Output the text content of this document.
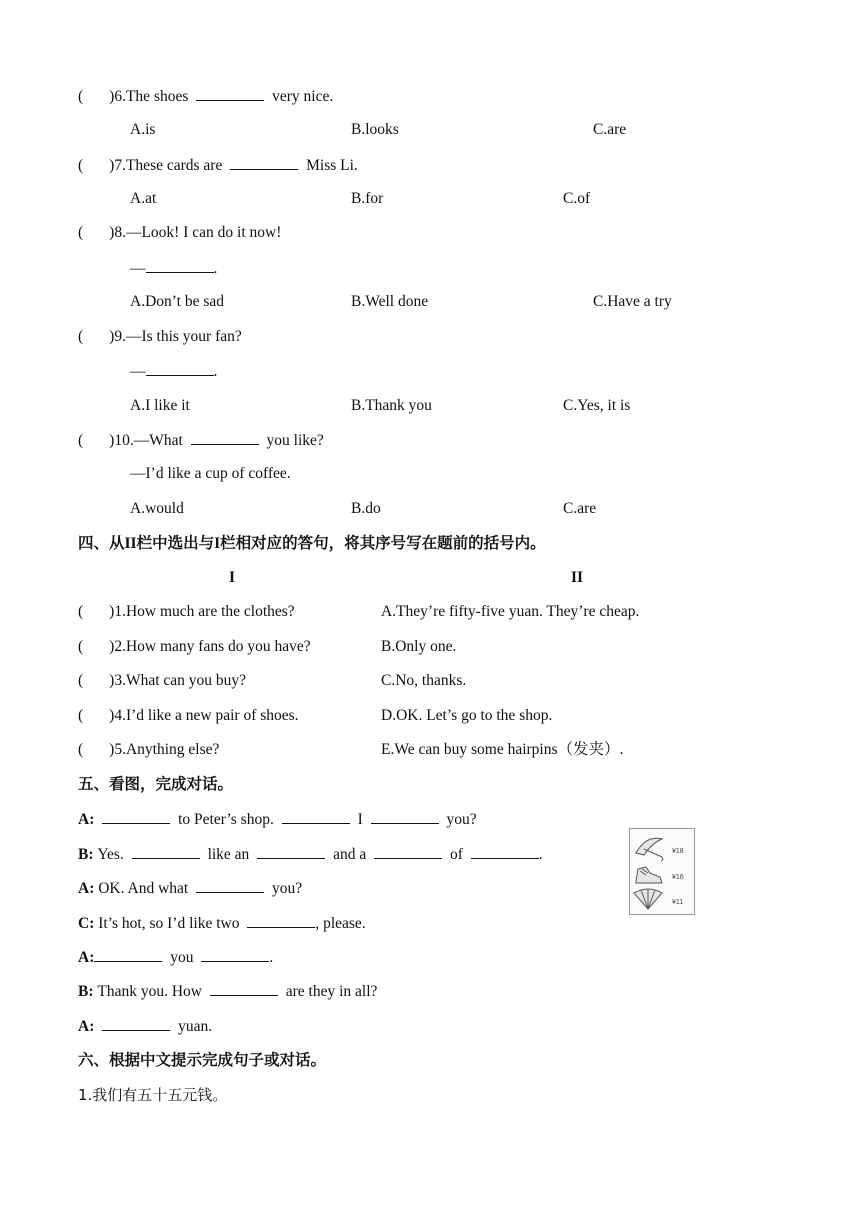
( )6.The shoes	very nice.
A.is	B.looks	C.are
( )7.These cards are	Miss Li.
A.at	B.for	C.of
( )8.—Look! I can do it now!
—	.
A.Don’t be sad	B.Well done	C.Have a try
( )9.—Is this your fan?
—	.
A.I like it	B.Thank you	C.Yes, it is
( )10.—What	you like?
—I’d like a cup of coffee.
A.would	B.do	C.are
四、从II栏中选出与I栏相对应的答句，将其序号写在题前的括号内。
I	II
( )1.How much are the clothes?	A.They’re fifty-five yuan. They’re cheap.
( )2.How many fans do you have?	B.Only one.
( )3.What can you buy?	C.No, thanks.
( )4.I’d like a new pair of shoes.	D.OK. Let’s go to the shop.
( )5.Anything else?	E.We can buy some hairpins（发夹）.
五、看图，完成对话。
A:	to Peter’s shop.	I	you?
B: Yes.	like an	and a	of	.
A: OK. And what	you?
C: It’s hot, so I’d like two	, please.
A:	you	.
B: Thank you. How	are they in all?
A:	yuan.
¥18
¥16
¥11
六、根据中文提示完成句子或对话。
1.我们有五十五元钱。
